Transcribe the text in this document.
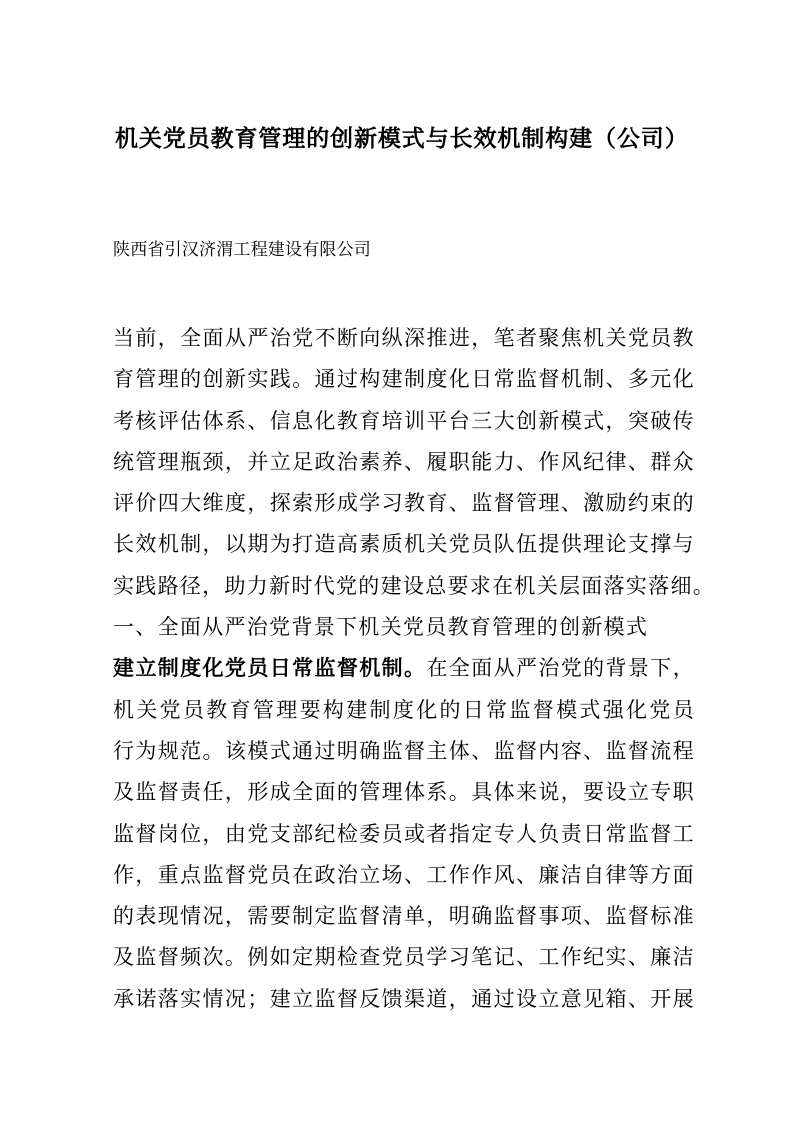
机关党员教育管理的创新模式与长效机制构建（公司）
陕西省引汉济渭工程建设有限公司
当前，全面从严治党不断向纵深推进，笔者聚焦机关党员教
育管理的创新实践。通过构建制度化日常监督机制、多元化
考核评估体系、信息化教育培训平台三大创新模式，突破传
统管理瓶颈，并立足政治素养、履职能力、作风纪律、群众
评价四大维度，探索形成学习教育、监督管理、激励约束的
长效机制，以期为打造高素质机关党员队伍提供理论支撑与
实践路径，助力新时代党的建设总要求在机关层面落实落细。
一、全面从严治党背景下机关党员教育管理的创新模式
建立制度化党员日常监督机制。在全面从严治党的背景下，
机关党员教育管理要构建制度化的日常监督模式强化党员
行为规范。该模式通过明确监督主体、监督内容、监督流程
及监督责任，形成全面的管理体系。具体来说，要设立专职
监督岗位，由党支部纪检委员或者指定专人负责日常监督工
作，重点监督党员在政治立场、工作作风、廉洁自律等方面
的表现情况，需要制定监督清单，明确监督事项、监督标准
及监督频次。例如定期检查党员学习笔记、工作纪实、廉洁
承诺落实情况；建立监督反馈渠道，通过设立意见箱、开展
